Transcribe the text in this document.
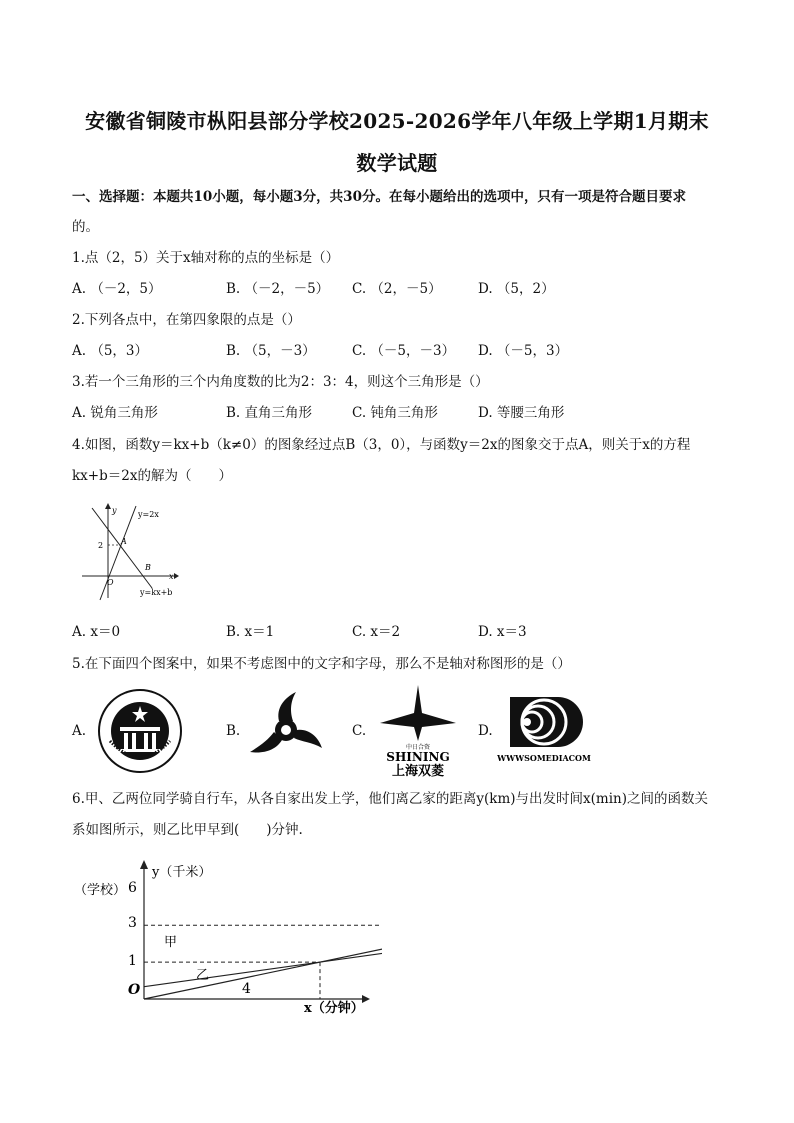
安徽省铜陵市枞阳县部分学校2025-2026学年八年级上学期1月期末
数学试题
一、选择题：本题共10小题，每小题3分，共30分。在每小题给出的选项中，只有一项是符合题目要求
的。
1.点（2，5）关于x轴对称的点的坐标是（）
A. （－2，5）	B. （－2，－5） C. （2，－5）	D. （5，2）
2.下列各点中，在第四象限的点是（）
A. （5，3）	B. （5，－3）	C. （－5，－3） D. （－5，3）
3.若一个三角形的三个内角度数的比为2：3：4，则这个三角形是（）
A. 锐角三角形	B. 直角三角形	C. 钝角三角形	D. 等腰三角形
4.如图，函数y＝kx+b（k≠0）的图象经过点B（3，0），与函数y＝2x的图象交于点A，则关于x的方程
kx+b＝2x的解为（　　）
y	y=2x
2 A
B
O
x
y=kx+b
A. x＝0	B. x＝1	C. x＝2	D. x＝3
5.在下面四个图案中，如果不考虑图中的文字和字母，那么不是轴对称图形的是（）
A.	B.	C.	D.
中日合资
SHINING
上海双菱
WWWSOMEDIACOM
6.甲、乙两位同学骑自行车，从各自家出发上学，他们离乙家的距离y(km)与出发时间x(min)之间的函数关
系如图所示，则乙比甲早到(　　)分钟.
y（千米）
（学校） 6
3
1
O	4
x（分钟）
甲
乙
